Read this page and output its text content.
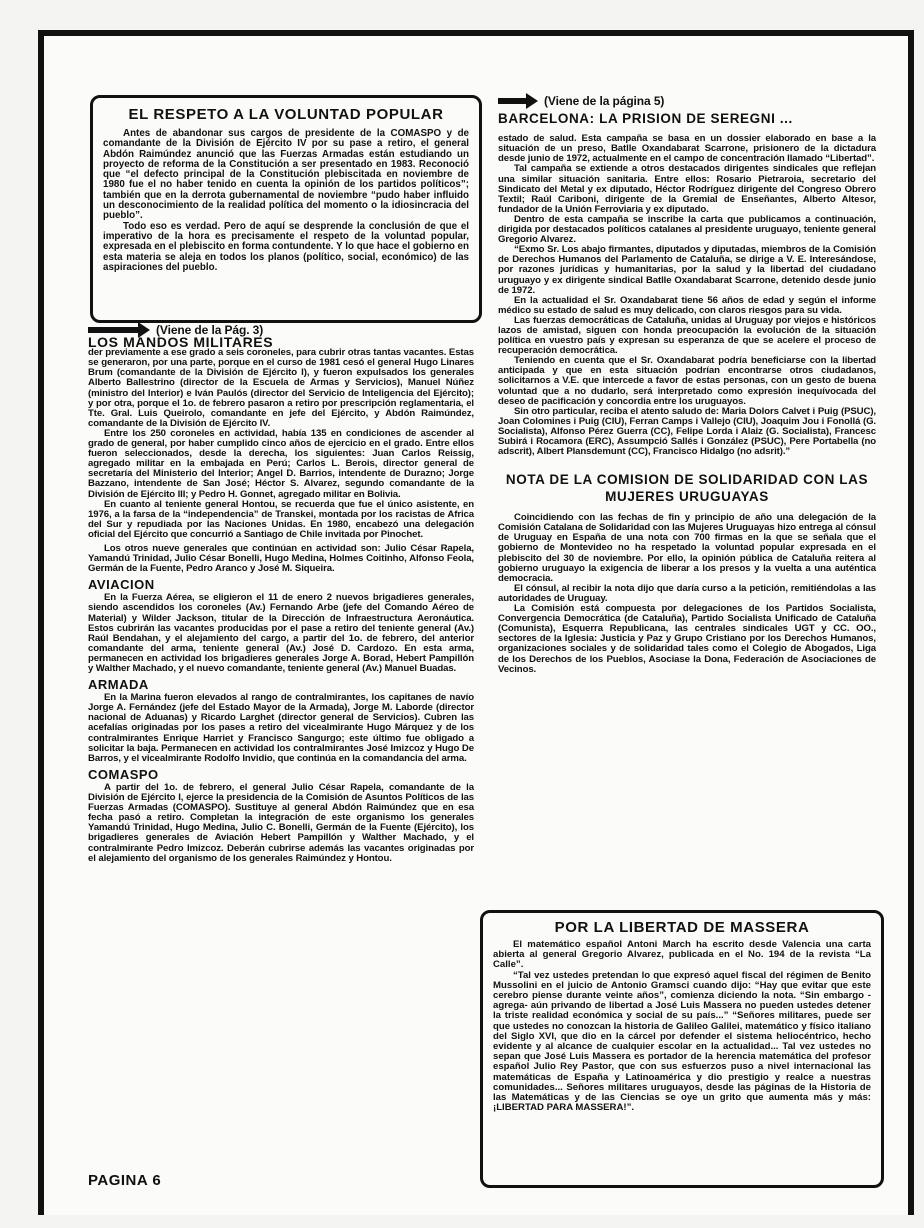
EL RESPETO A LA VOLUNTAD POPULAR

Antes de abandonar sus cargos de presidente de la COMASPO y de comandante de la División de Ejército IV por su pase a retiro, el general Abdón Raimúndez anunció que las Fuerzas Armadas están estudiando un proyecto de reforma de la Constitución a ser presentado en 1983. Reconoció que “el defecto principal de la Constitución plebiscitada en noviembre de 1980 fue el no haber tenido en cuenta la opinión de los partidos políticos”; también que en la derrota gubernamental de noviembre “pudo haber influido un desconocimiento de la realidad política del momento o la idiosincracia del pueblo”.

Todo eso es verdad. Pero de aquí se desprende la conclusión de que el imperativo de la hora es precisamente el respeto de la voluntad popular, expresada en el plebiscito en forma contundente. Y lo que hace el gobierno en esta materia se aleja en todos los planos (político, social, económico) de las aspiraciones del pueblo.

(Viene de la Pág. 3)
LOS MANDOS MILITARES

der previamente a ese grado a seis coroneles, para cubrir otras tantas vacantes. Estas se generaron, por una parte, porque en el curso de 1981 cesó el general Hugo Linares Brum (comandante de la División de Ejército I), y fueron expulsados los generales Alberto Ballestrino (director de la Escuela de Armas y Servicios), Manuel Núñez (ministro del Interior) e Iván Paulós (director del Servicio de Inteligencia del Ejército); y por otra, porque el 1o. de febrero pasaron a retiro por prescripción reglamentaria, el Tte. Gral. Luis Queirolo, comandante en jefe del Ejército, y Abdón Raimúndez, comandante de la División de Ejército IV.

Entre los 250 coroneles en actividad, había 135 en condiciones de ascender al grado de general, por haber cumplido cinco años de ejercicio en el grado. Entre ellos fueron seleccionados, desde la derecha, los siguientes: Juan Carlos Reissig, agregado militar en la embajada en Perú; Carlos L. Berois, director general de secretaría del Ministerio del Interior; Angel D. Barrios, intendente de Durazno; Jorge Bazzano, intendente de San José; Héctor S. Alvarez, segundo comandante de la División de Ejército III; y Pedro H. Gonnet, agregado militar en Bolivia.

En cuanto al teniente general Hontou, se recuerda que fue el único asistente, en 1976, a la farsa de la “independencia” de Transkei, montada por los racistas de Africa del Sur y repudiada por las Naciones Unidas. En 1980, encabezó una delegación oficial del Ejército que concurrió a Santiago de Chile invitada por Pinochet.

Los otros nueve generales que continúan en actividad son: Julio César Rapela, Yamandú Trinidad, Julio César Bonelli, Hugo Medina, Holmes Coitinho, Alfonso Feola, Germán de la Fuente, Pedro Aranco y José M. Siqueira.

AVIACION

En la Fuerza Aérea, se eligieron el 11 de enero 2 nuevos brigadieres generales, siendo ascendidos los coroneles (Av.) Fernando Arbe (jefe del Comando Aéreo de Material) y Wilder Jackson, titular de la Dirección de Infraestructura Aeronáutica. Estos cubrirán las vacantes producidas por el pase a retiro del teniente general (Av.) Raúl Bendahan, y el alejamiento del cargo, a partir del 1o. de febrero, del anterior comandante del arma, teniente general (Av.) José D. Cardozo. En esta arma, permanecen en actividad los brigadieres generales Jorge A. Borad, Hebert Pampillón y Walther Machado, y el nuevo comandante, teniente general (Av.) Manuel Buadas.

ARMADA

En la Marina fueron elevados al rango de contralmirantes, los capitanes de navío Jorge A. Fernández (jefe del Estado Mayor de la Armada), Jorge M. Laborde (director nacional de Aduanas) y Ricardo Larghet (director general de Servicios). Cubren las acefalías originadas por los pases a retiro del vicealmirante Hugo Márquez y de los contralmirantes Enrique Harriet y Francisco Sangurgo; este último fue obligado a solicitar la baja. Permanecen en actividad los contralmirantes José Imizcoz y Hugo De Barros, y el vicealmirante Rodolfo Invidio, que continúa en la comandancia del arma.

COMASPO

A partir del 1o. de febrero, el general Julio César Rapela, comandante de la División de Ejército I, ejerce la presidencia de la Comisión de Asuntos Políticos de las Fuerzas Armadas (COMASPO). Sustituye al general Abdón Raimúndez que en esa fecha pasó a retiro. Completan la integración de este organismo los generales Yamandú Trinidad, Hugo Medina, Julio C. Bonelli, Germán de la Fuente (Ejército), los brigadieres generales de Aviación Hebert Pampillón y Walther Machado, y el contralmirante Pedro Imizcoz. Deberán cubrirse además las vacantes originadas por el alejamiento del organismo de los generales Raimúndez y Hontou.

(Viene de la página 5)
BARCELONA: LA PRISION DE SEREGNI ...

estado de salud. Esta campaña se basa en un dossier elaborado en base a la situación de un preso, Batlle Oxandabarat Scarrone, prisionero de la dictadura desde junio de 1972, actualmente en el campo de concentración llamado “Libertad”.

Tal campaña se extiende a otros destacados dirigentes sindicales que reflejan una similar situación sanitaria. Entre ellos: Rosario Pietraroia, secretario del Sindicato del Metal y ex diputado, Héctor Rodríguez dirigente del Congreso Obrero Textil; Raúl Cariboni, dirigente de la Gremial de Enseñantes, Alberto Altesor, fundador de la Unión Ferroviaria y ex diputado.

Dentro de esta campaña se inscribe la carta que publicamos a continuación, dirigida por destacados políticos catalanes al presidente uruguayo, teniente general Gregorio Alvarez.

“Exmo Sr. Los abajo firmantes, diputados y diputadas, miembros de la Comisión de Derechos Humanos del Parlamento de Cataluña, se dirige a V. E. Interesándose, por razones jurídicas y humanitarias, por la salud y la libertad del ciudadano uruguayo y ex dirigente sindical Batlle Oxandabarat Scarrone, detenido desde junio de 1972.

En la actualidad el Sr. Oxandabarat tiene 56 años de edad y según el informe médico su estado de salud es muy delicado, con claros riesgos para su vida.

Las fuerzas democráticas de Cataluña, unidas al Uruguay por viejos e históricos lazos de amistad, siguen con honda preocupación la evolución de la situación política en vuestro país y expresan su esperanza de que se acelere el proceso de recuperación democrática.

Teniendo en cuenta que el Sr. Oxandabarat podría beneficiarse con la libertad anticipada y que en esta situación podrían encontrarse otros ciudadanos, solicitarnos a V.E. que intercede a favor de estas personas, con un gesto de buena voluntad que a no dudarlo, será interpretado como expresión inequívocada del deseo de pacificación y concordia entre los uruguayos.

Sin otro particular, reciba el atento saludo de: Maria Dolors Calvet i Puig (PSUC), Joan Colomines i Puig (CIU), Ferran Camps i Vallejo (CIU), Joaquim Jou i Fonollá (G. Socialista), Alfonso Pérez Guerra (CC), Felipe Lorda i Alaiz (G. Socialista), Francesc Subirá i Rocamora (ERC), Assumpció Sallés i González (PSUC), Pere Portabella (no adscrit), Albert Plansdemunt (CC), Francisco Hidalgo (no adsrit).”

NOTA DE LA COMISION DE SOLIDARIDAD CON LAS
MUJERES URUGUAYAS

Coincidiendo con las fechas de fin y principio de año una delegación de la Comisión Catalana de Solidaridad con las Mujeres Uruguayas hizo entrega al cónsul de Uruguay en España de una nota con 700 firmas en la que se señala que el gobierno de Montevideo no ha respetado la voluntad popular expresada en el plebiscito del 30 de noviembre. Por ello, la opinión pública de Cataluña reitera al gobierno uruguayo la exigencia de liberar a los presos y la vuelta a una auténtica democracia.

El cónsul, al recibir la nota dijo que daría curso a la petición, remitiéndolas a las autoridades de Uruguay.

La Comisión está compuesta por delegaciones de los Partidos Socialista, Convergencia Democrática (de Cataluña), Partido Socialista Unificado de Cataluña (Comunista), Esquerra Republicana, las centrales sindicales UGT y CC. OO., sectores de la Iglesia: Justicia y Paz y Grupo Cristiano por los Derechos Humanos, organizaciones sociales y de solidaridad tales como el Colegio de Abogados, Liga de los Derechos de los Pueblos, Asociase la Dona, Federación de Asociaciones de Vecinos.

POR LA LIBERTAD DE MASSERA

El matemático español Antoni March ha escrito desde Valencia una carta abierta al general Gregorio Alvarez, publicada en el No. 194 de la revista “La Calle”.

“Tal vez ustedes pretendan lo que expresó aquel fiscal del régimen de Benito Mussolini en el juicio de Antonio Gramsci cuando dijo: “Hay que evitar que este cerebro piense durante veinte años”, comienza diciendo la nota. “Sin embargo -agrega- aún privando de libertad a José Luis Massera no pueden ustedes detener la triste realidad económica y social de su país...” “Señores militares, puede ser que ustedes no conozcan la historia de Galileo Galilei, matemático y físico italiano del Siglo XVI, que dio en la cárcel por defender el sistema heliocéntrico, hecho evidente y al alcance de cualquier escolar en la actualidad... Tal vez ustedes no sepan que José Luis Massera es portador de la herencia matemática del profesor español Julio Rey Pastor, que con sus esfuerzos puso a nivel internacional las matemáticas de España y Latinoamérica y dio prestigio y realce a nuestras comunidades... Señores militares uruguayos, desde las páginas de la Historia de las Matemáticas y de las Ciencias se oye un grito que aumenta más y más: ¡LIBERTAD PARA MASSERA!”.

PAGINA 6
